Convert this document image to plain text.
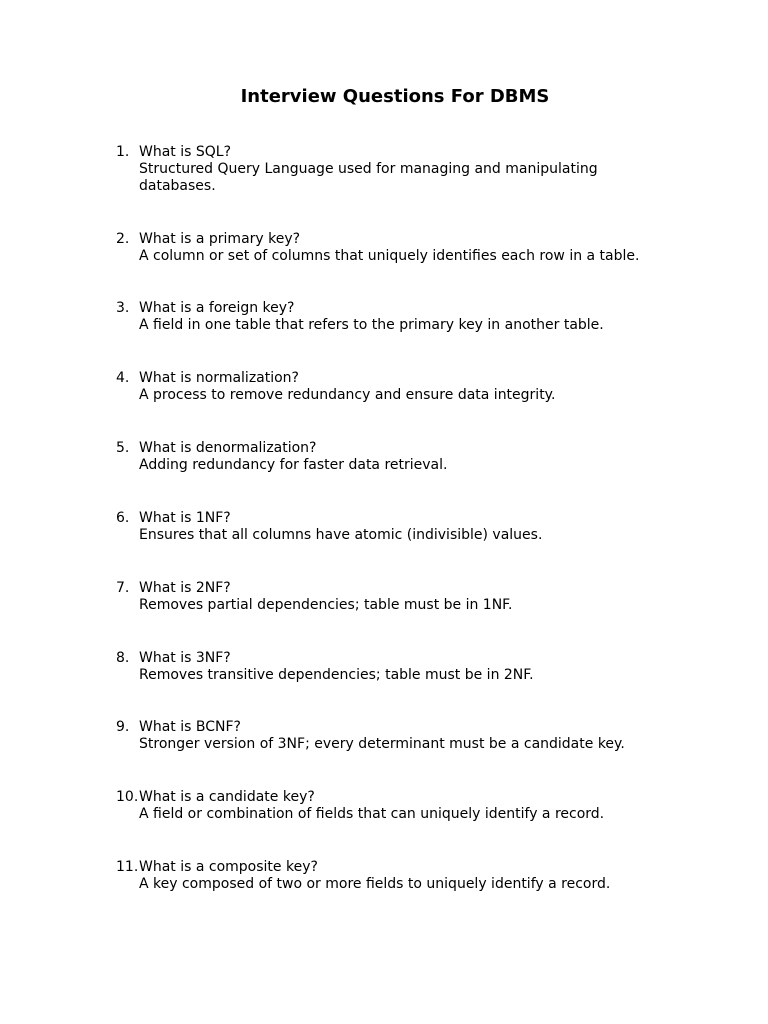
Interview Questions For DBMS
1. What is SQL?
Structured Query Language used for managing and manipulating databases.
2. What is a primary key?
A column or set of columns that uniquely identifies each row in a table.
3. What is a foreign key?
A field in one table that refers to the primary key in another table.
4. What is normalization?
A process to remove redundancy and ensure data integrity.
5. What is denormalization?
Adding redundancy for faster data retrieval.
6. What is 1NF?
Ensures that all columns have atomic (indivisible) values.
7. What is 2NF?
Removes partial dependencies; table must be in 1NF.
8. What is 3NF?
Removes transitive dependencies; table must be in 2NF.
9. What is BCNF?
Stronger version of 3NF; every determinant must be a candidate key.
10. What is a candidate key?
A field or combination of fields that can uniquely identify a record.
11. What is a composite key?
A key composed of two or more fields to uniquely identify a record.
